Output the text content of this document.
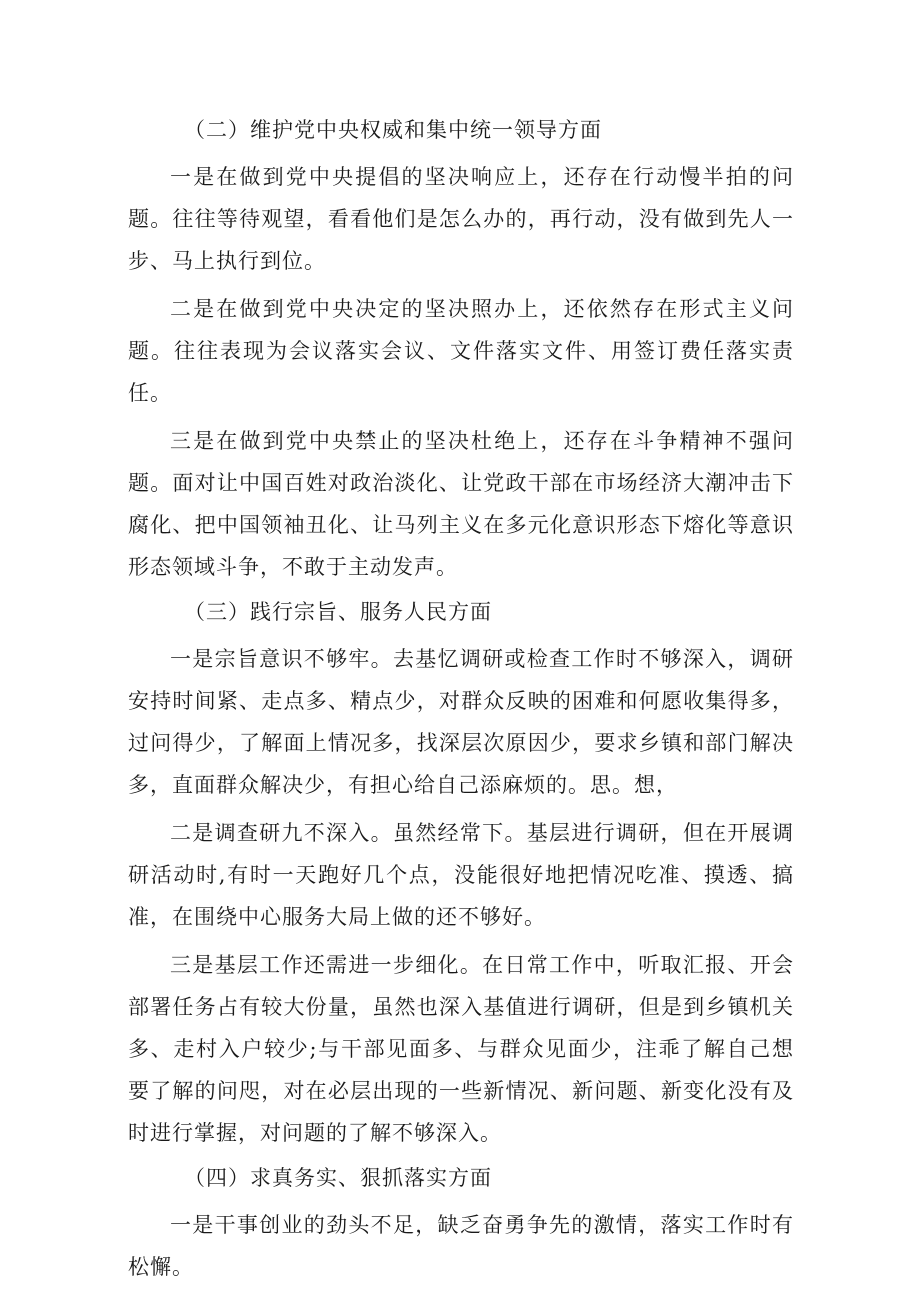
（二）维护党中央权威和集中统一领导方面

一是在做到党中央提倡的坚决响应上，还存在行动慢半拍的问题。往往等待观望，看看他们是怎么办的，再行动，没有做到先人一步、马上执行到位。

二是在做到党中央决定的坚决照办上，还依然存在形式主义问题。往往表现为会议落实会议、文件落实文件、用签订费任落实责任。

三是在做到党中央禁止的坚决杜绝上，还存在斗争精神不强问题。面对让中国百姓对政治淡化、让党政干部在市场经济大潮冲击下腐化、把中国领袖丑化、让马列主义在多元化意识形态下熔化等意识形态领域斗争，不敢于主动发声。

（三）践行宗旨、服务人民方面

一是宗旨意识不够牢。去基忆调研或检查工作时不够深入，调研安持时间紧、走点多、精点少，对群众反映的困难和何愿收集得多，过问得少，了解面上情况多，找深层次原因少，要求乡镇和部门解决多，直面群众解决少，有担心给自己添麻烦的。思。想，

二是调查研九不深入。虽然经常下。基层进行调研，但在开展调研活动时,有时一天跑好几个点，没能很好地把情况吃准、摸透、搞准，在围绕中心服务大局上做的还不够好。

三是基层工作还需进一步细化。在日常工作中，听取汇报、开会部署任务占有较大份量，虽然也深入基值进行调研，但是到乡镇机关多、走村入户较少;与干部见面多、与群众见面少，注乖了解自己想要了解的问咫，对在必层出现的一些新情况、新问题、新变化没有及时进行掌握，对问题的了解不够深入。

（四）求真务实、狠抓落实方面

一是干事创业的劲头不足，缺乏奋勇争先的激情，落实工作时有松懈。
